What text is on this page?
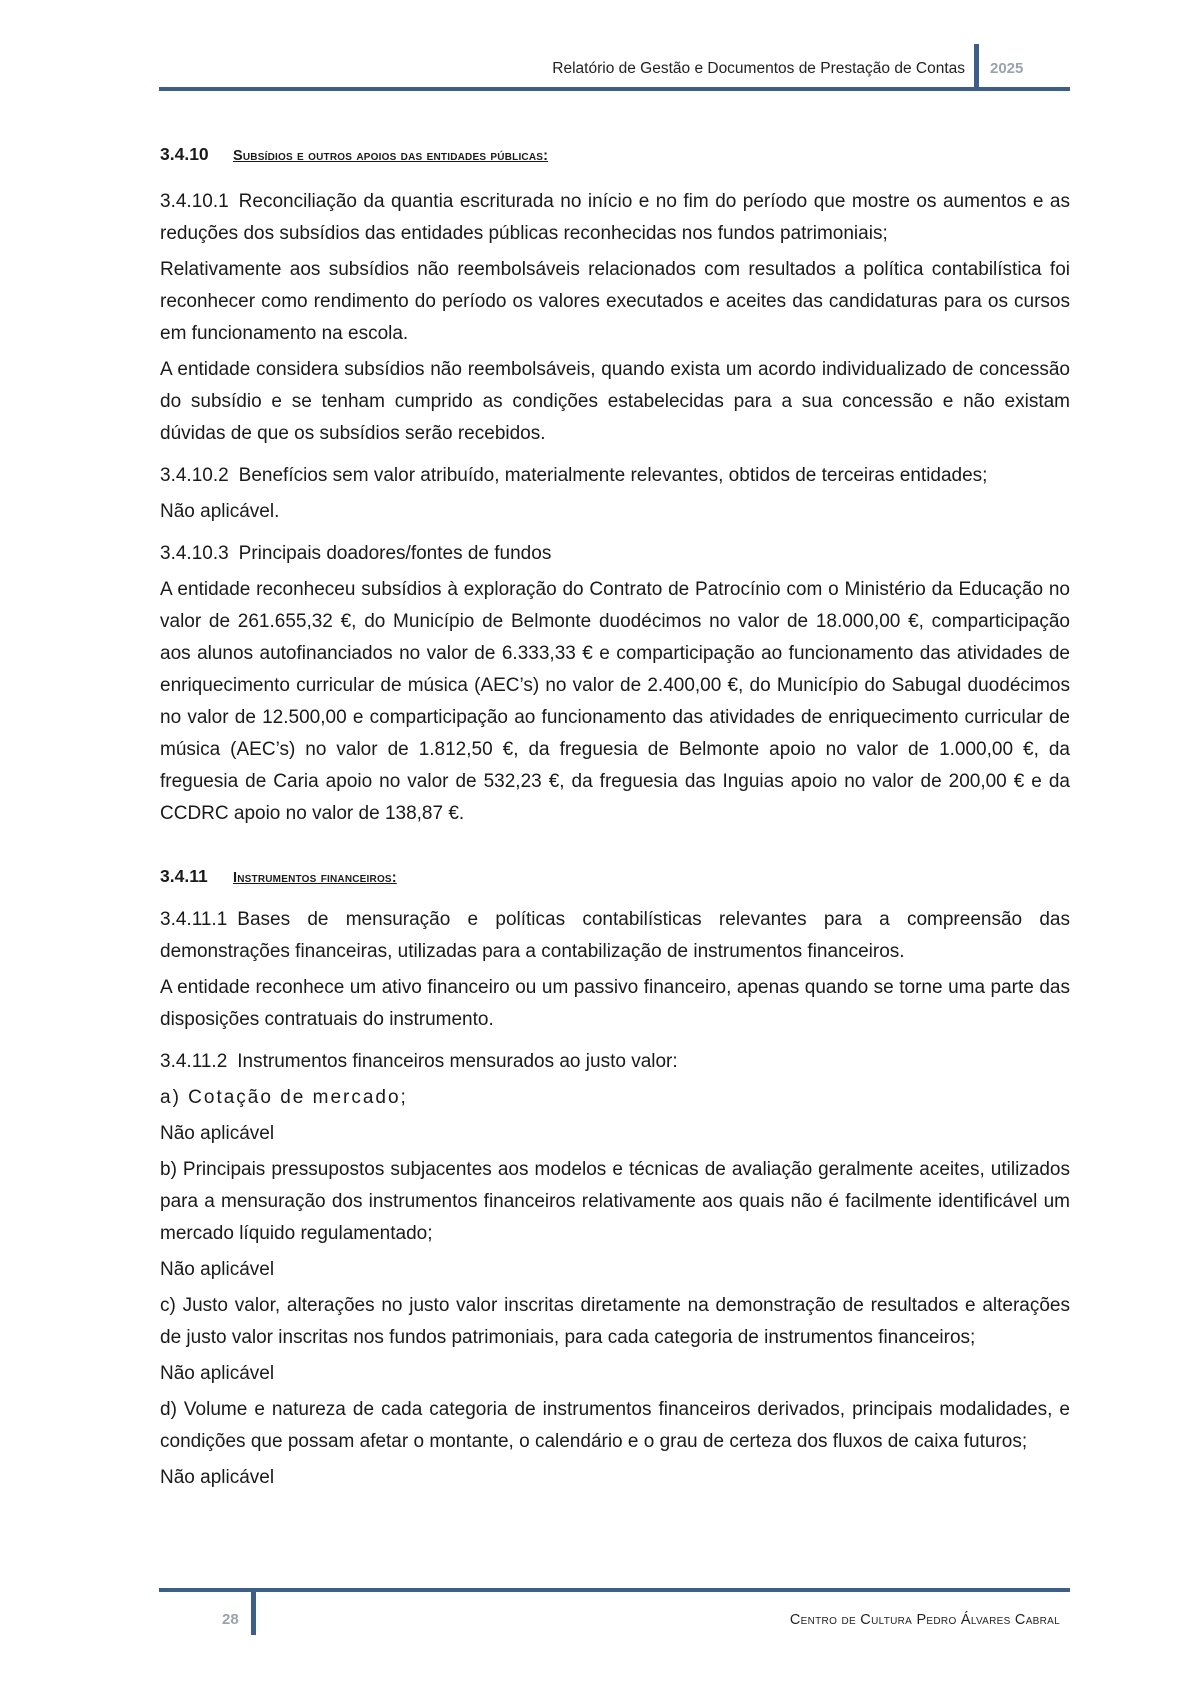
Relatório de Gestão e Documentos de Prestação de Contas 2025

3.4.10 Subsídios e outros apoios das entidades públicas:

3.4.10.1 Reconciliação da quantia escriturada no início e no fim do período que mostre os aumentos e as reduções dos subsídios das entidades públicas reconhecidas nos fundos patrimoniais;

Relativamente aos subsídios não reembolsáveis relacionados com resultados a política contabilística foi reconhecer como rendimento do período os valores executados e aceites das candidaturas para os cursos em funcionamento na escola.

A entidade considera subsídios não reembolsáveis, quando exista um acordo individualizado de concessão do subsídio e se tenham cumprido as condições estabelecidas para a sua concessão e não existam dúvidas de que os subsídios serão recebidos.

3.4.10.2 Benefícios sem valor atribuído, materialmente relevantes, obtidos de terceiras entidades;

Não aplicável.

3.4.10.3 Principais doadores/fontes de fundos

A entidade reconheceu subsídios à exploração do Contrato de Patrocínio com o Ministério da Educação no valor de 261.655,32 €, do Município de Belmonte duodécimos no valor de 18.000,00 €, comparticipação aos alunos autofinanciados no valor de 6.333,33 € e comparticipação ao funcionamento das atividades de enriquecimento curricular de música (AEC’s) no valor de 2.400,00 €, do Município do Sabugal duodécimos no valor de 12.500,00 e comparticipação ao funcionamento das atividades de enriquecimento curricular de música (AEC’s) no valor de 1.812,50 €, da freguesia de Belmonte apoio no valor de 1.000,00 €, da freguesia de Caria apoio no valor de 532,23 €, da freguesia das Inguias apoio no valor de 200,00 € e da CCDRC apoio no valor de 138,87 €.

3.4.11 Instrumentos financeiros:

3.4.11.1 Bases de mensuração e políticas contabilísticas relevantes para a compreensão das demonstrações financeiras, utilizadas para a contabilização de instrumentos financeiros.

A entidade reconhece um ativo financeiro ou um passivo financeiro, apenas quando se torne uma parte das disposições contratuais do instrumento.

3.4.11.2 Instrumentos financeiros mensurados ao justo valor:

a) Cotação de mercado;

Não aplicável

b) Principais pressupostos subjacentes aos modelos e técnicas de avaliação geralmente aceites, utilizados para a mensuração dos instrumentos financeiros relativamente aos quais não é facilmente identificável um mercado líquido regulamentado;

Não aplicável

c) Justo valor, alterações no justo valor inscritas diretamente na demonstração de resultados e alterações de justo valor inscritas nos fundos patrimoniais, para cada categoria de instrumentos financeiros;

Não aplicável

d) Volume e natureza de cada categoria de instrumentos financeiros derivados, principais modalidades, e condições que possam afetar o montante, o calendário e o grau de certeza dos fluxos de caixa futuros;

Não aplicável

28	Centro de Cultura Pedro Álvares Cabral
